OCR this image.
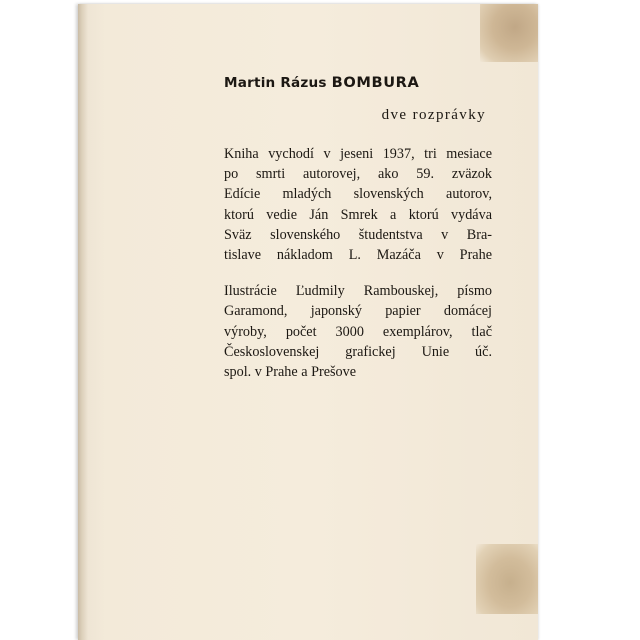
Martin Rázus BOMBURA
dve rozprávky
Kniha vychodí v jeseni 1937, tri mesiace
po smrti autorovej, ako 59. zväzok
Edície mladých slovenských autorov,
ktorú vedie Ján Smrek a ktorú vydáva
Sväz slovenského študentstva v Bra-
tislave nákladom L. Mazáča v Prahe
Ilustrácie Ľudmily Rambouskej, písmo
Garamond, japonský papier domácej
výroby, počet 3000 exemplárov, tlač
Československej grafickej Unie úč.
spol. v Prahe a Prešove
